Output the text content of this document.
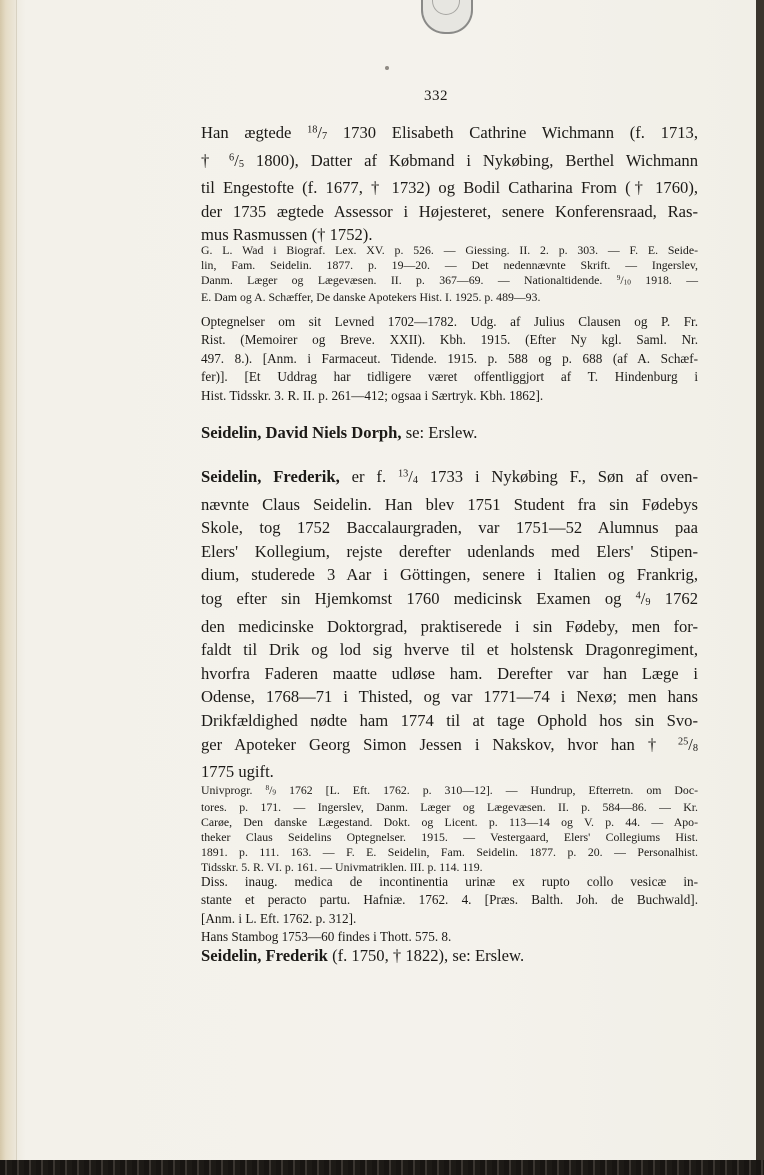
332
Han ægtede $^{18}$/7 1730 Elisabeth Cathrine Wichmann (f. 1713,
† $^6$/5 1800), Datter af Købmand i Nykøbing, Berthel Wichmann
til Engestofte (f. 1677, † 1732) og Bodil Catharina From († 1760),
der 1735 ægtede Assessor i Højesteret, senere Konferensraad, Ras-
mus Rasmussen († 1752).
G. L. Wad i Biograf. Lex. XV. p. 526. — Giessing. II. 2. p. 303. — F. E. Seide-
lin, Fam. Seidelin. 1877. p. 19—20. — Det nedennævnte Skrift. — Ingerslev,
Danm. Læger og Lægevæsen. II. p. 367—69. — Nationaltidende. $^9$/10 1918. —
E. Dam og A. Schæffer, De danske Apotekers Hist. I. 1925. p. 489—93.
Optegnelser om sit Levned 1702—1782. Udg. af Julius Clausen og P. Fr.
Rist. (Memoirer og Breve. XXII). Kbh. 1915. (Efter Ny kgl. Saml. Nr.
497. 8.). [Anm. i Farmaceut. Tidende. 1915. p. 588 og p. 688 (af A. Schæf-
fer)]. [Et Uddrag har tidligere været offentliggjort af T. Hindenburg i
Hist. Tidsskr. 3. R. II. p. 261—412; ogsaa i Særtryk. Kbh. 1862].
Seidelin, David Niels Dorph, se: Erslew.
Seidelin, Frederik, er f. $^{13}$/4 1733 i Nykøbing F., Søn af oven-
nævnte Claus Seidelin. Han blev 1751 Student fra sin Fødebys
Skole, tog 1752 Baccalaurgraden, var 1751—52 Alumnus paa
Elers' Kollegium, rejste derefter udenlands med Elers' Stipen-
dium, studerede 3 Aar i Göttingen, senere i Italien og Frankrig,
tog efter sin Hjemkomst 1760 medicinsk Examen og $^4$/9 1762
den medicinske Doktorgrad, praktiserede i sin Fødeby, men for-
faldt til Drik og lod sig hverve til et holstensk Dragonregiment,
hvorfra Faderen maatte udløse ham. Derefter var han Læge i
Odense, 1768—71 i Thisted, og var 1771—74 i Nexø; men hans
Drikfældighed nødte ham 1774 til at tage Ophold hos sin Svo-
ger Apoteker Georg Simon Jessen i Nakskov, hvor han † $^{25}$/8
1775 ugift.
Univprogr. $^8$/9 1762 [L. Eft. 1762. p. 310—12]. — Hundrup, Efterretn. om Doc-
tores. p. 171. — Ingerslev, Danm. Læger og Lægevæsen. II. p. 584—86. — Kr.
Carøe, Den danske Lægestand. Dokt. og Licent. p. 113—14 og V. p. 44. — Apo-
theker Claus Seidelins Optegnelser. 1915. — Vestergaard, Elers' Collegiums Hist.
1891. p. 111. 163. — F. E. Seidelin, Fam. Seidelin. 1877. p. 20. — Personalhist.
Tidsskr. 5. R. VI. p. 161. — Univmatriklen. III. p. 114. 119.
Diss. inaug. medica de incontinentia urinæ ex rupto collo vesicæ in-
stante et peracto partu. Hafniæ. 1762. 4. [Præs. Balth. Joh. de Buchwald].
[Anm. i L. Eft. 1762. p. 312].
Hans Stambog 1753—60 findes i Thott. 575. 8.
Seidelin, Frederik (f. 1750, † 1822), se: Erslew.
